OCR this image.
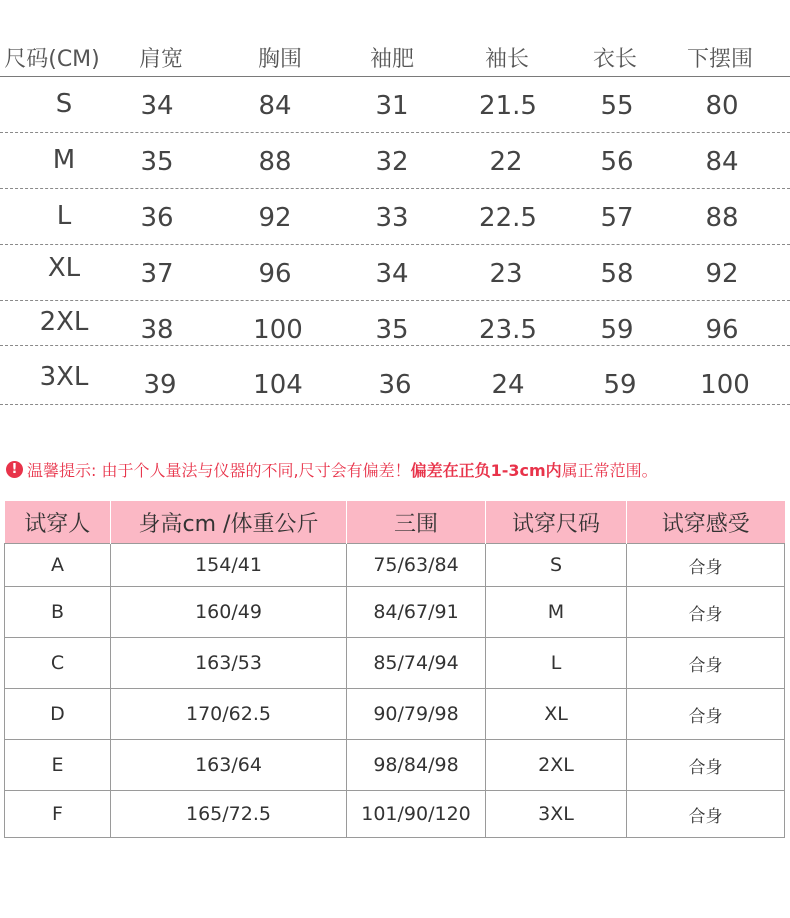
尺码(CM) 肩宽	胸围	袖肥	袖长	衣长 下摆围
S	34	84	31	21.5 55	80
M	35	88	32	22	56	84
L	36	92	33	22.5 57	88
XL 37	96	34	23	58	92
2XL 38	100	35	23.5 59	96
3XL 39	104	36	24	59 100
! 温馨提示: 由于个人量法与仪器的不同,尺寸会有偏差！ 偏差在正负1-3cm内 属正常范围。
试穿人	身高cm /体重公斤	三围	试穿尺码	试穿感受
A	154/41	75/63/84	S	合身
B	160/49	84/67/91	M	合身
C	163/53	85/74/94	L	合身
D	170/62.5	90/79/98	XL	合身
E	163/64	98/84/98	2XL	合身
F	165/72.5	101/90/120	3XL	合身
